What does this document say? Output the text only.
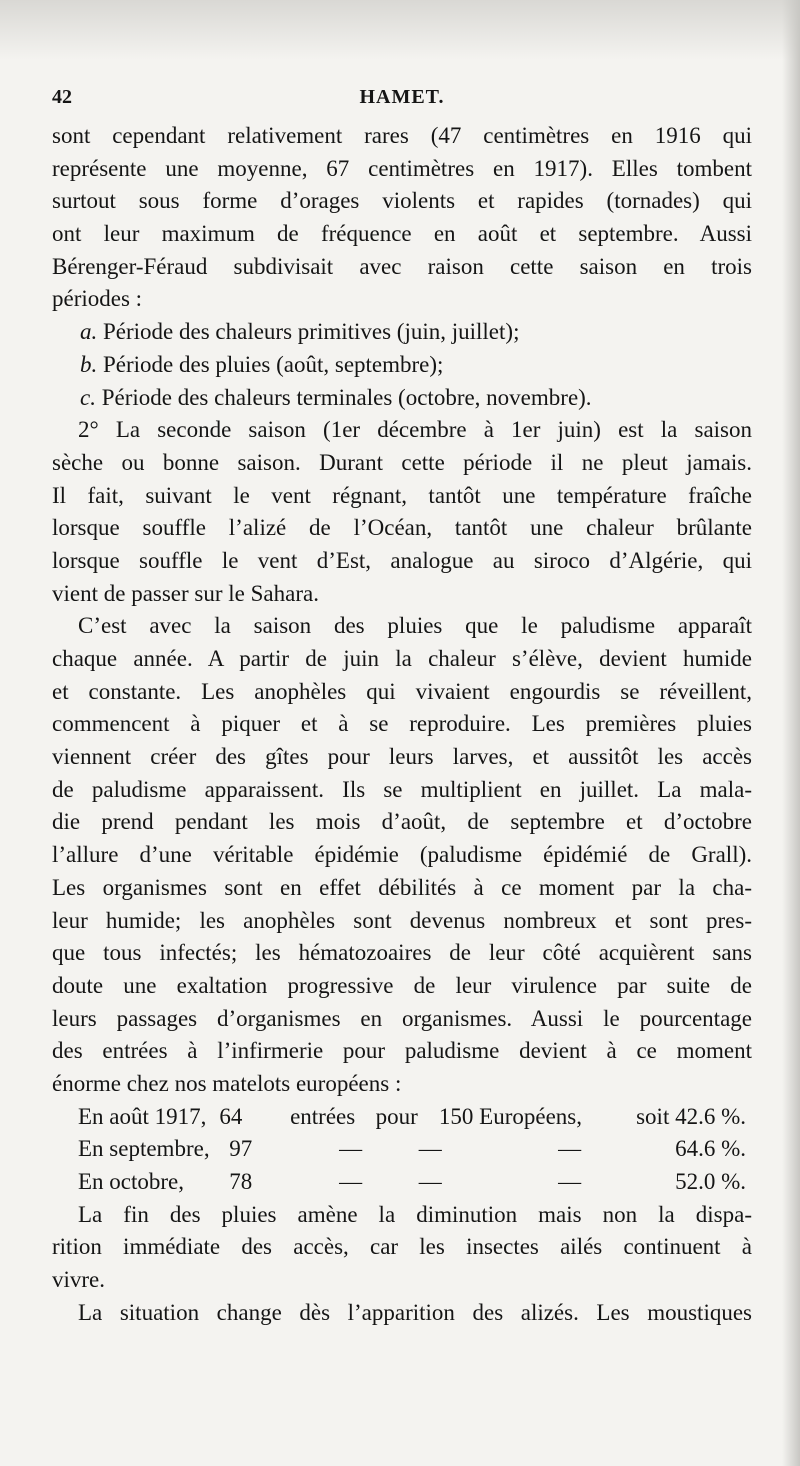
42	HAMET.
sont cependant relativement rares (47 centimètres en 1916 qui
représente une moyenne, 67 centimètres en 1917). Elles tombent
surtout sous forme d’orages violents et rapides (tornades) qui
ont leur maximum de fréquence en août et septembre. Aussi
Bérenger-Féraud subdivisait avec raison cette saison en trois
périodes :
a. Période des chaleurs primitives (juin, juillet);
b. Période des pluies (août, septembre);
c. Période des chaleurs terminales (octobre, novembre).
2° La seconde saison (1er décembre à 1er juin) est la saison
sèche ou bonne saison. Durant cette période il ne pleut jamais.
Il fait, suivant le vent régnant, tantôt une température fraîche
lorsque souffle l’alizé de l’Océan, tantôt une chaleur brûlante
lorsque souffle le vent d’Est, analogue au siroco d’Algérie, qui
vient de passer sur le Sahara.
C’est avec la saison des pluies que le paludisme apparaît
chaque année. A partir de juin la chaleur s’élève, devient humide
et constante. Les anophèles qui vivaient engourdis se réveillent,
commencent à piquer et à se reproduire. Les premières pluies
viennent créer des gîtes pour leurs larves, et aussitôt les accès
de paludisme apparaissent. Ils se multiplient en juillet. La mala-
die prend pendant les mois d’août, de septembre et d’octobre
l’allure d’une véritable épidémie (paludisme épidémié de Grall).
Les organismes sont en effet débilités à ce moment par la cha-
leur humide; les anophèles sont devenus nombreux et sont pres-
que tous infectés; les hématozoaires de leur côté acquièrent sans
doute une exaltation progressive de leur virulence par suite de
leurs passages d’organismes en organismes. Aussi le pourcentage
des entrées à l’infirmerie pour paludisme devient à ce moment
énorme chez nos matelots européens :
En août 1917, 64	entrées pour 150 Européens,	soit 42.6 %.
En septembre, 97	—	—	—	64.6 %.
En octobre,	78	—	—	—	52.0 %.
La fin des pluies amène la diminution mais non la dispa-
rition immédiate des accès, car les insectes ailés continuent à
vivre.
La situation change dès l’apparition des alizés. Les moustiques
